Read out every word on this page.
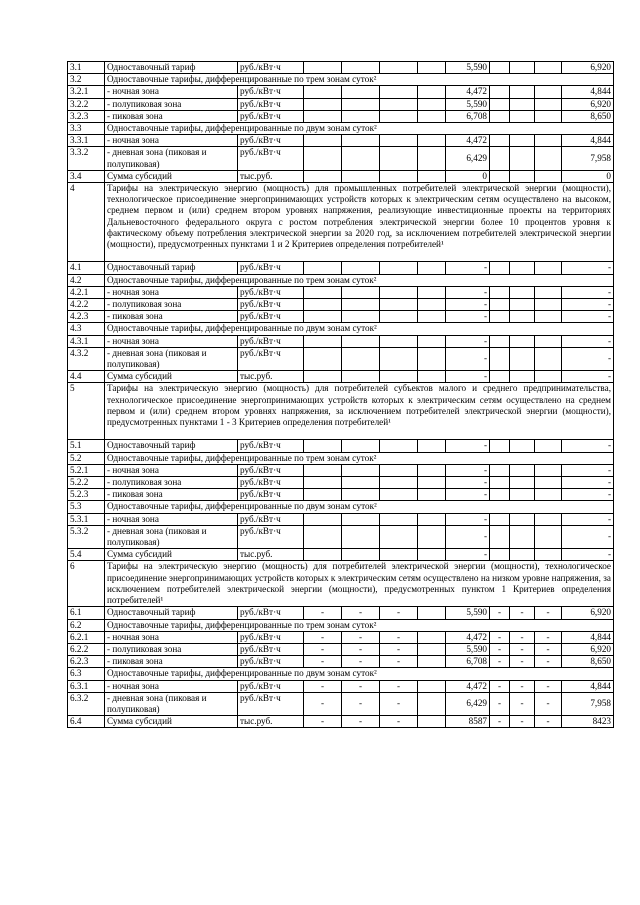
3.1	Одноставочный тариф	руб./кВт·ч					5,590				6,920
3.2	Одноставочные тарифы, дифференцированные по трем зонам суток²										
3.2.1	- ночная зона	руб./кВт·ч					4,472				4,844
3.2.2	- полупиковая зона	руб./кВт·ч					5,590				6,920
3.2.3	- пиковая зона	руб./кВт·ч					6,708				8,650
3.3	Одноставочные тарифы, дифференцированные по двум зонам суток²										
3.3.1	- ночная зона	руб./кВт·ч					4,472				4,844
3.3.2	- дневная зона (пиковая и полупиковая)	руб./кВт·ч					6,429				7,958
3.4	Сумма субсидий	тыс.руб.					0				0
4	Тарифы на электрическую энергию (мощность) для промышленных потребителей электрической энергии (мощности), технологическое присоединение энергопринимающих устройств которых к электрическим сетям осуществлено на высоком, среднем первом и (или) среднем втором уровнях напряжения, реализующие инвестиционные проекты на территориях Дальневосточного федерального округа с ростом потребления электрической энергии более 10 процентов уровня к фактическому объему потребления электрической энергии за 2020 год, за исключением потребителей электрической энергии (мощности), предусмотренных пунктами 1 и 2 Критериев определения потребителей¹										
4.1	Одноставочный тариф	руб./кВт·ч					-				-
4.2	Одноставочные тарифы, дифференцированные по трем зонам суток²										
4.2.1	- ночная зона	руб./кВт·ч					-				-
4.2.2	- полупиковая зона	руб./кВт·ч					-				-
4.2.3	- пиковая зона	руб./кВт·ч					-				-
4.3	Одноставочные тарифы, дифференцированные по двум зонам суток²										
4.3.1	- ночная зона	руб./кВт·ч					-				-
4.3.2	- дневная зона (пиковая и полупиковая)	руб./кВт·ч					-				-
4.4	Сумма субсидий	тыс.руб.					-				-
5	Тарифы на электрическую энергию (мощность) для потребителей субъектов малого и среднего предпринимательства, технологическое присоединение энергопринимающих устройств которых к электрическим сетям осуществлено на среднем первом и (или) среднем втором уровнях напряжения, за исключением потребителей электрической энергии (мощности), предусмотренных пунктами 1 - 3 Критериев определения потребителей¹										
5.1	Одноставочный тариф	руб./кВт·ч					-				-
5.2	Одноставочные тарифы, дифференцированные по трем зонам суток²										
5.2.1	- ночная зона	руб./кВт·ч					-				-
5.2.2	- полупиковая зона	руб./кВт·ч					-				-
5.2.3	- пиковая зона	руб./кВт·ч					-				-
5.3	Одноставочные тарифы, дифференцированные по двум зонам суток²										
5.3.1	- ночная зона	руб./кВт·ч					-				-
5.3.2	- дневная зона (пиковая и полупиковая)	руб./кВт·ч					-				-
5.4	Сумма субсидий	тыс.руб.					-				-
6	Тарифы на электрическую энергию (мощность) для потребителей электрической энергии (мощности), технологическое присоединение энергопринимающих устройств которых к электрическим сетям осуществлено на низком уровне напряжения, за исключением потребителей электрической энергии (мощности), предусмотренных пунктом 1 Критериев определения потребителей¹										
6.1	Одноставочный тариф	руб./кВт·ч	-	-	-		5,590	-	-	-	6,920
6.2	Одноставочные тарифы, дифференцированные по трем зонам суток²										
6.2.1	- ночная зона	руб./кВт·ч	-	-	-		4,472	-	-	-	4,844
6.2.2	- полупиковая зона	руб./кВт·ч	-	-	-		5,590	-	-	-	6,920
6.2.3	- пиковая зона	руб./кВт·ч	-	-	-		6,708	-	-	-	8,650
6.3	Одноставочные тарифы, дифференцированные по двум зонам суток²										
6.3.1	- ночная зона	руб./кВт·ч	-	-	-		4,472	-	-	-	4,844
6.3.2	- дневная зона (пиковая и полупиковая)	руб./кВт·ч	-	-	-		6,429	-	-	-	7,958
6.4	Сумма субсидий	тыс.руб.	-	-	-		8587	-	-	-	8423
